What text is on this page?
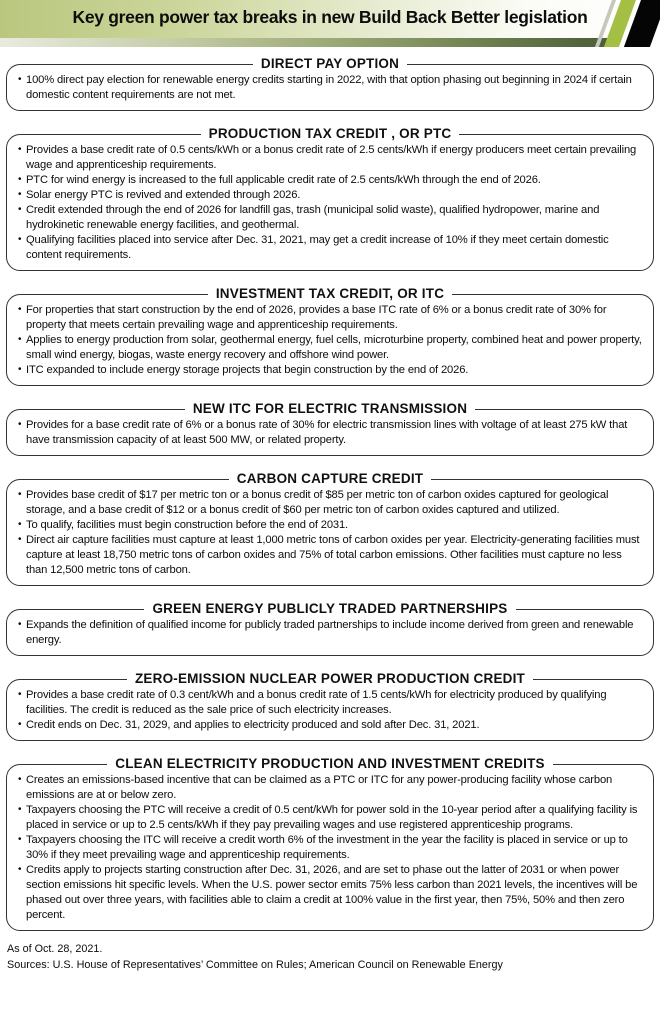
Key green power tax breaks in new Build Back Better legislation
DIRECT PAY OPTION
• 100% direct pay election for renewable energy credits starting in 2022, with that option phasing out beginning in 2024 if certain domestic content requirements are not met.
PRODUCTION TAX CREDIT , OR PTC
• Provides a base credit rate of 0.5 cents/kWh or a bonus credit rate of 2.5 cents/kWh if energy producers meet certain prevailing wage and apprenticeship requirements.
• PTC for wind energy is increased to the full applicable credit rate of 2.5 cents/kWh through the end of 2026.
• Solar energy PTC is revived and extended through 2026.
• Credit extended through the end of 2026 for landfill gas, trash (municipal solid waste), qualified hydropower, marine and hydrokinetic renewable energy facilities, and geothermal.
• Qualifying facilities placed into service after Dec. 31, 2021, may get a credit increase of 10% if they meet certain domestic content requirements.
INVESTMENT TAX CREDIT, OR ITC
• For properties that start construction by the end of 2026, provides a base ITC rate of 6% or a bonus credit rate of 30% for property that meets certain prevailing wage and apprenticeship requirements.
• Applies to energy production from solar, geothermal energy, fuel cells, microturbine property, combined heat and power property, small wind energy, biogas, waste energy recovery and offshore wind power.
• ITC expanded to include energy storage projects that begin construction by the end of 2026.
NEW ITC FOR ELECTRIC TRANSMISSION
• Provides for a base credit rate of 6% or a bonus rate of 30% for electric transmission lines with voltage of at least 275 kW that have transmission capacity of at least 500 MW, or related property.
CARBON CAPTURE CREDIT
• Provides base credit of $17 per metric ton or a bonus credit of $85 per metric ton of carbon oxides captured for geological storage, and a base credit of $12 or a bonus credit of $60 per metric ton of carbon oxides captured and utilized.
• To qualify, facilities must begin construction before the end of 2031.
• Direct air capture facilities must capture at least 1,000 metric tons of carbon oxides per year. Electricity-generating facilities must capture at least 18,750 metric tons of carbon oxides and 75% of total carbon emissions. Other facilities must capture no less than 12,500 metric tons of carbon.
GREEN ENERGY PUBLICLY TRADED PARTNERSHIPS
• Expands the definition of qualified income for publicly traded partnerships to include income derived from green and renewable energy.
ZERO-EMISSION NUCLEAR POWER PRODUCTION CREDIT
• Provides a base credit rate of 0.3 cent/kWh and a bonus credit rate of 1.5 cents/kWh for electricity produced by qualifying facilities. The credit is reduced as the sale price of such electricity increases.
• Credit ends on Dec. 31, 2029, and applies to electricity produced and sold after Dec. 31, 2021.
CLEAN ELECTRICITY PRODUCTION AND INVESTMENT CREDITS
• Creates an emissions-based incentive that can be claimed as a PTC or ITC for any power-producing facility whose carbon emissions are at or below zero.
• Taxpayers choosing the PTC will receive a credit of 0.5 cent/kWh for power sold in the 10-year period after a qualifying facility is placed in service or up to 2.5 cents/kWh if they pay prevailing wages and use registered apprenticeship programs.
• Taxpayers choosing the ITC will receive a credit worth 6% of the investment in the year the facility is placed in service or up to 30% if they meet prevailing wage and apprenticeship requirements.
• Credits apply to projects starting construction after Dec. 31, 2026, and are set to phase out the latter of 2031 or when power section emissions hit specific levels. When the U.S. power sector emits 75% less carbon than 2021 levels, the incentives will be phased out over three years, with facilities able to claim a credit at 100% value in the first year, then 75%, 50% and then zero percent.
As of Oct. 28, 2021.
Sources: U.S. House of Representatives’ Committee on Rules; American Council on Renewable Energy
